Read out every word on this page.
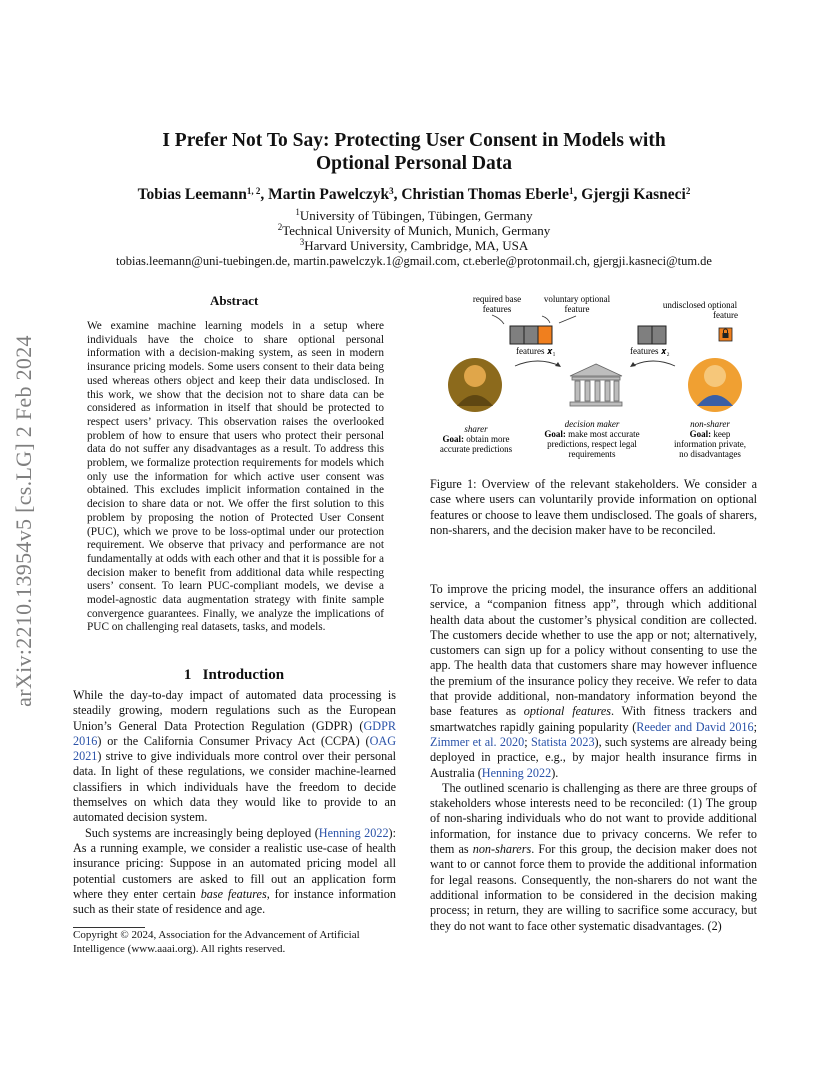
arXiv:2210.13954v5 [cs.LG] 2 Feb 2024
I Prefer Not To Say: Protecting User Consent in Models with
Optional Personal Data
Tobias Leemann$^{1, 2}$, Martin Pawelczyk$^3$, Christian Thomas Eberle$^1$, Gjergji Kasneci$^2$
$^1$University of Tübingen, Tübingen, Germany
$^2$Technical University of Munich, Munich, Germany
$^3$Harvard University, Cambridge, MA, USA
tobias.leemann@uni-tuebingen.de, martin.pawelczyk.1@gmail.com, ct.eberle@protonmail.ch, gjergji.kasneci@tum.de
Abstract
We examine machine learning models in a setup where individuals have the choice to share optional personal information with a decision-making system, as seen in modern insurance pricing models. Some users consent to their data being used whereas others object and keep their data undisclosed. In this work, we show that the decision not to share data can be considered as information in itself that should be protected to respect users’ privacy. This observation raises the overlooked problem of how to ensure that users who protect their personal data do not suffer any disadvantages as a result. To address this problem, we formalize protection requirements for models which only use the information for which active user consent was obtained. This excludes implicit information contained in the decision to share data or not. We offer the first solution to this problem by proposing the notion of Protected User Consent (PUC), which we prove to be loss-optimal under our protection requirement. We observe that privacy and performance are not fundamentally at odds with each other and that it is possible for a decision maker to benefit from additional data while respecting users’ consent. To learn PUC-compliant models, we devise a model-agnostic data augmentation strategy with finite sample convergence guarantees. Finally, we analyze the implications of PUC on challenging real datasets, tasks, and models.
1 Introduction

While the day-to-day impact of automated data processing is steadily growing, modern regulations such as the European Union’s General Data Protection Regulation (GDPR) (GDPR 2016) or the California Consumer Privacy Act (CCPA) (OAG 2021) strive to give individuals more control over their personal data. In light of these regulations, we consider machine-learned classifiers in which individuals have the freedom to decide themselves on which data they would like to provide to an automated decision system.

Such systems are increasingly being deployed (Henning 2022): As a running example, we consider a realistic use-case of health insurance pricing: Suppose in an automated pricing model all potential customers are asked to fill out an application form where they enter certain base features, for instance information such as their state of residence and age.

Copyright © 2024, Association for the Advancement of Artificial Intelligence (www.aaai.org). All rights reserved.
required base
features
voluntary optional
feature	undisclosed optional
feature
features 𝒙₁	features 𝒙₂
sharer
Goal: obtain more
accurate predictions
decision maker
Goal: make most accurate
predictions, respect legal
requirements
non-sharer
Goal: keep
information private,
no disadvantages
Figure 1: Overview of the relevant stakeholders. We consider a case where users can voluntarily provide information on optional features or choose to leave them undisclosed. The goals of sharers, non-sharers, and the decision maker have to be reconciled.

To improve the pricing model, the insurance offers an additional service, a “companion fitness app”, through which additional health data about the customer’s physical condition are collected. The customers decide whether to use the app or not; alternatively, customers can sign up for a policy without consenting to use the app. The health data that customers share may however influence the premium of the insurance policy they receive. We refer to data that provide additional, non-mandatory information beyond the base features as optional features. With fitness trackers and smartwatches rapidly gaining popularity (Reeder and David 2016; Zimmer et al. 2020; Statista 2023), such systems are already being deployed in practice, e.g., by major health insurance firms in Australia (Henning 2022).

The outlined scenario is challenging as there are three groups of stakeholders whose interests need to be reconciled: (1) The group of non-sharing individuals who do not want to provide additional information, for instance due to privacy concerns. We refer to them as non-sharers. For this group, the decision maker does not want to or cannot force them to provide the additional information for legal reasons. Consequently, the non-sharers do not want the additional information to be considered in the decision making process; in return, they are willing to sacrifice some accuracy, but they do not want to face other systematic disadvantages. (2)
